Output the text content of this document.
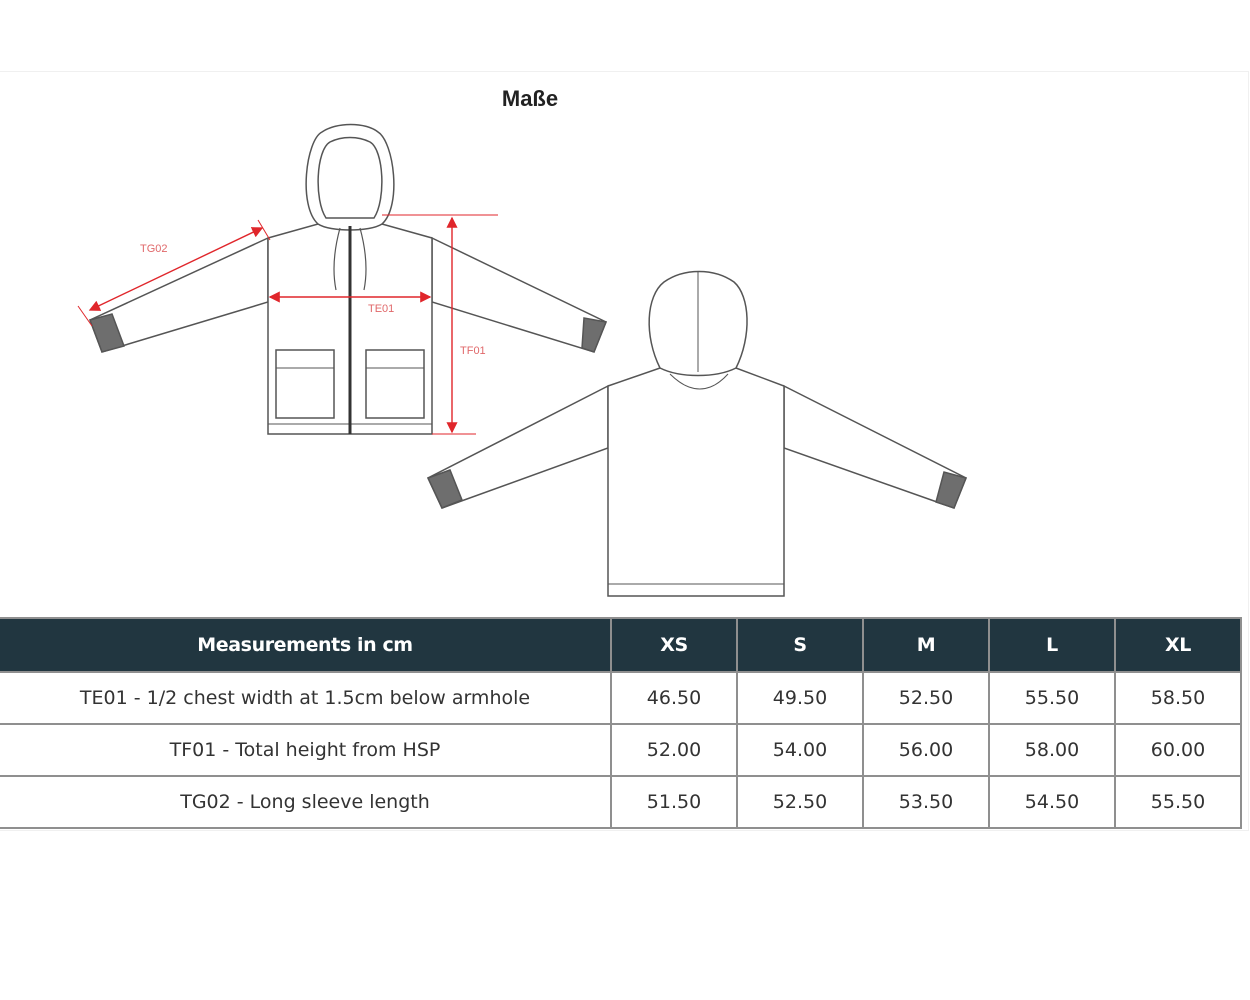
Maße
TG02
TE01
TF01
Measurements in cm	XS	S	M	L	XL
TE01 - 1/2 chest width at 1.5cm below armhole	46.50	49.50	52.50	55.50	58.50
TF01 - Total height from HSP	52.00	54.00	56.00	58.00	60.00
TG02 - Long sleeve length	51.50	52.50	53.50	54.50	55.50
